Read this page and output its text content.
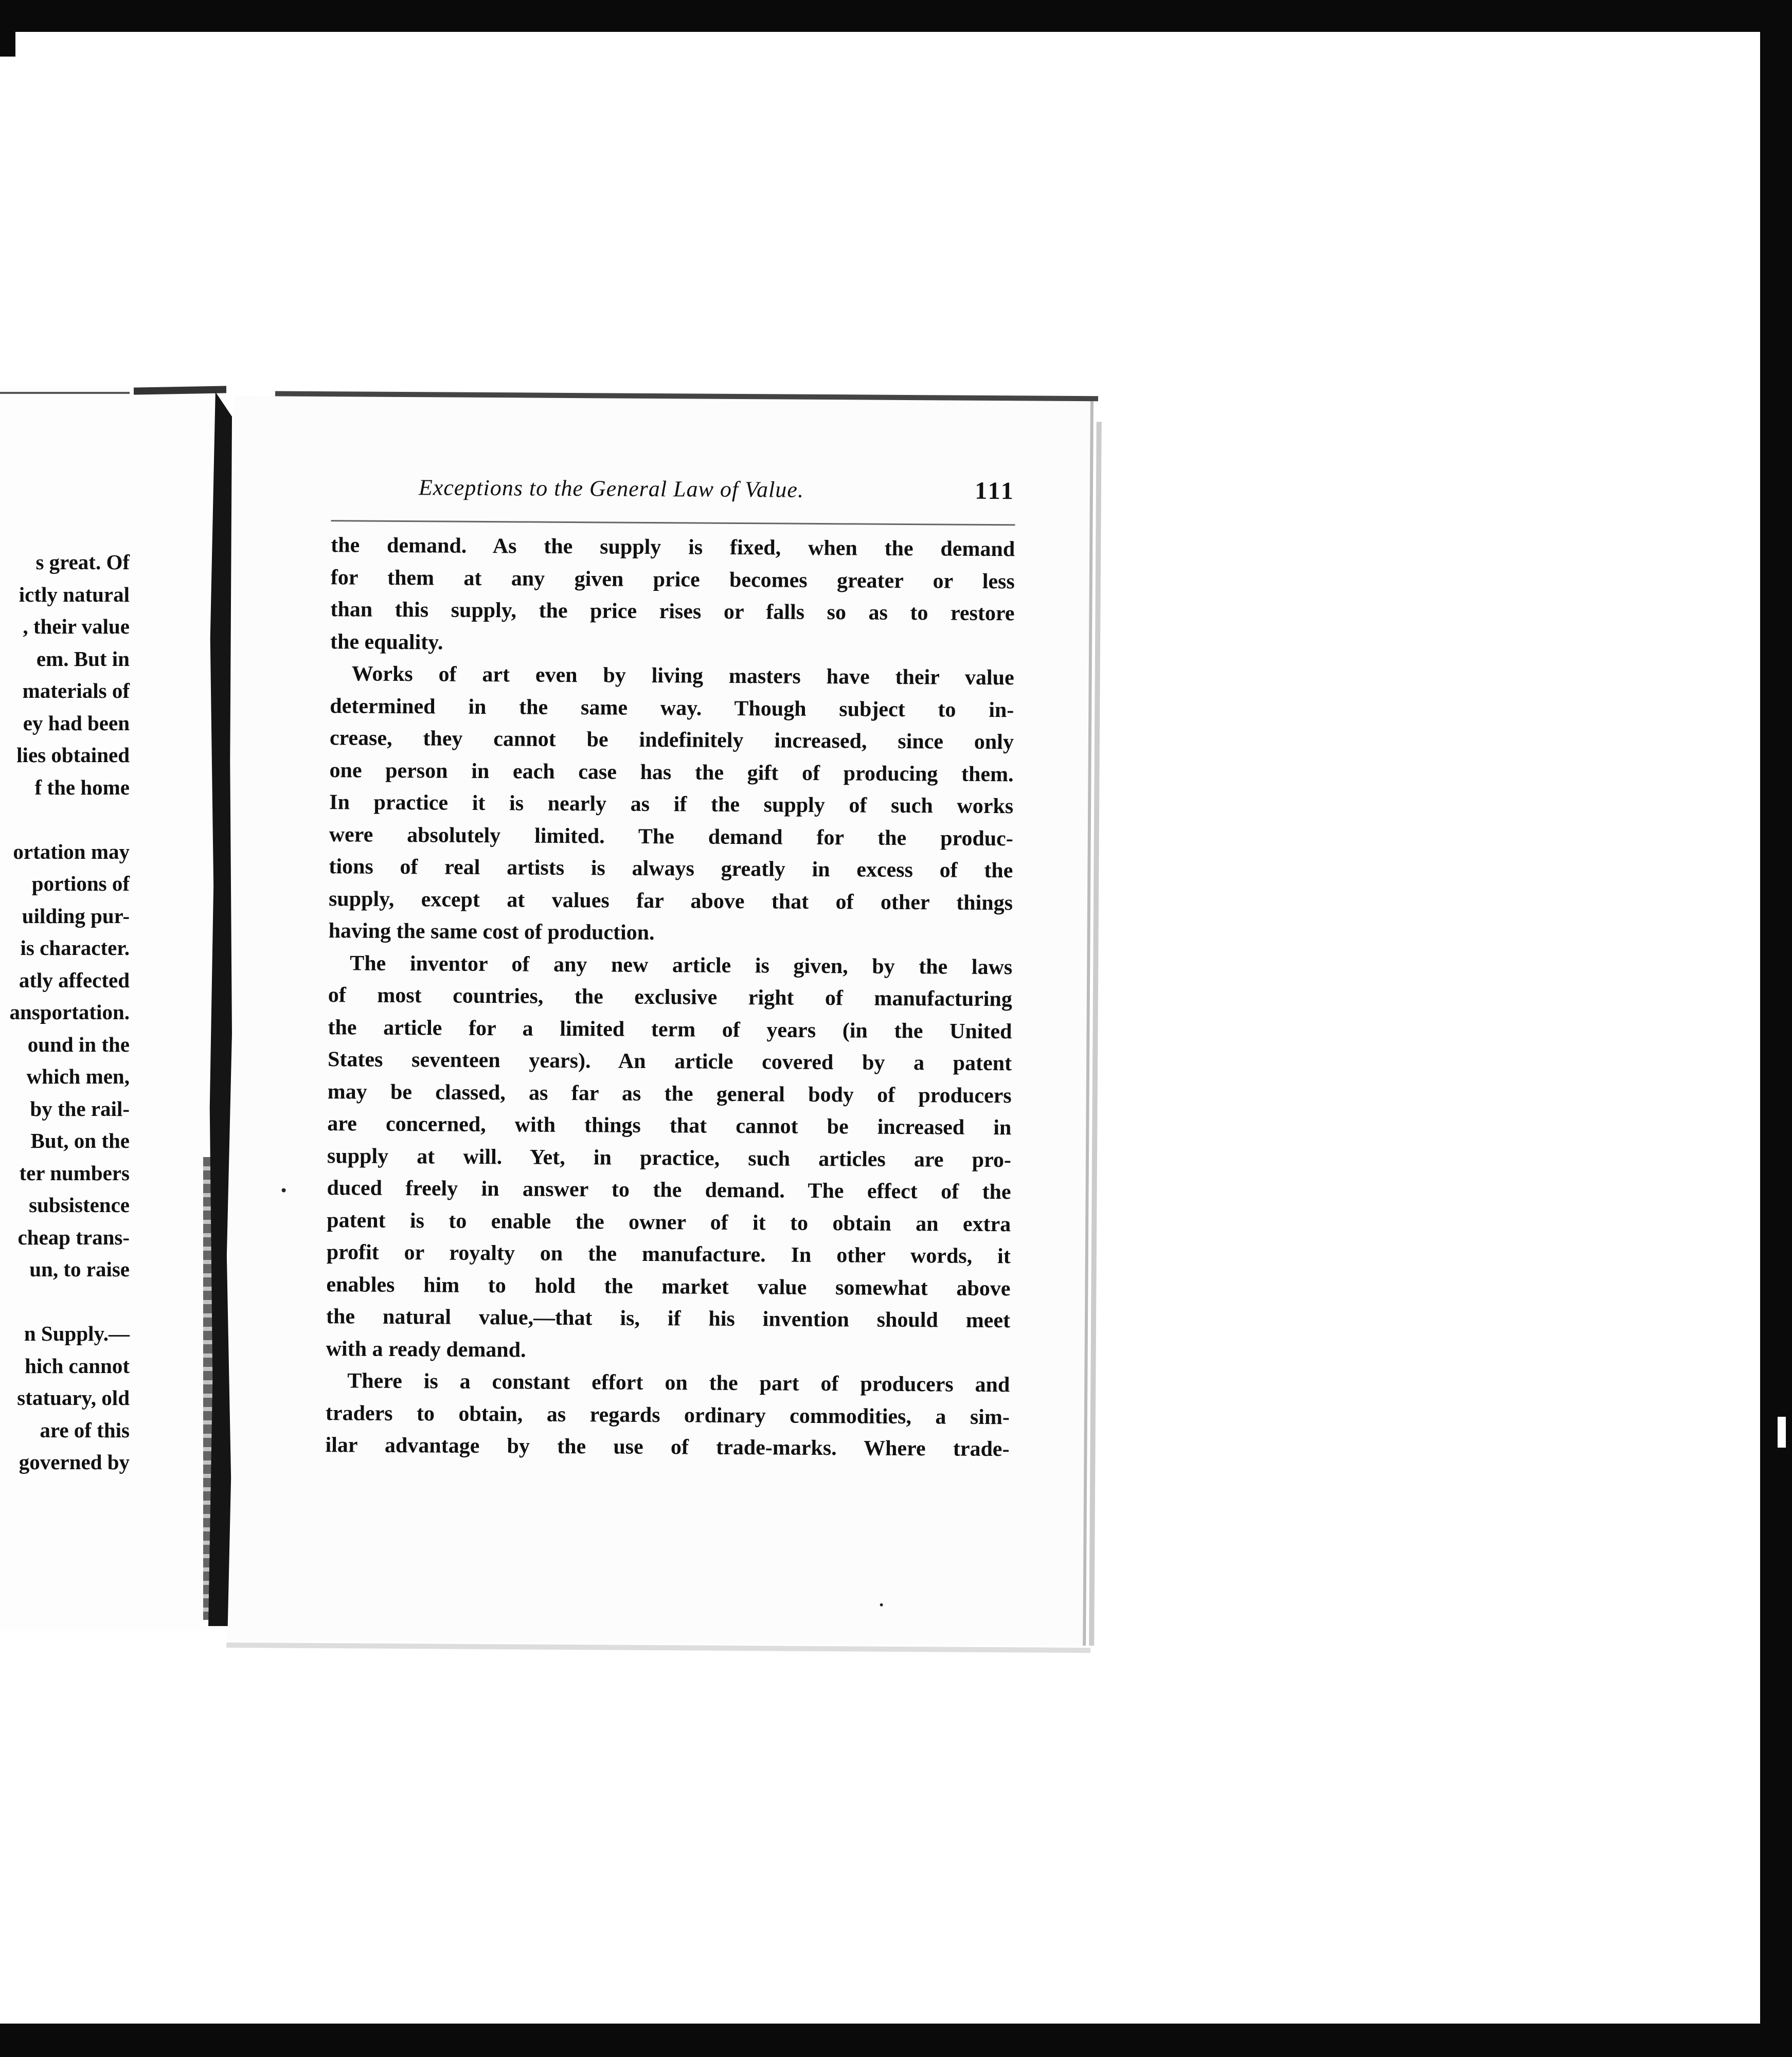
s great. Of
ictly natural
, their value
em. But in
materials of
ey had been
lies obtained
f the home
ortation may
portions of
uilding pur-
is character.
atly affected
ansportation.
ound in the
which men,
by the rail-
But, on the
ter numbers
subsistence
cheap trans-
un, to raise
n Supply.—
hich cannot
statuary, old
are of this
governed by
Exceptions to the General Law of Value.	111
the demand. As the supply is fixed, when the demand
for them at any given price becomes greater or less
than this supply, the price rises or falls so as to restore
the equality.
Works of art even by living masters have their value
determined in the same way. Though subject to in-
crease, they cannot be indefinitely increased, since only
one person in each case has the gift of producing them.
In practice it is nearly as if the supply of such works
were absolutely limited. The demand for the produc-
tions of real artists is always greatly in excess of the
supply, except at values far above that of other things
having the same cost of production.
The inventor of any new article is given, by the laws
of most countries, the exclusive right of manufacturing
the article for a limited term of years (in the United
States seventeen years). An article covered by a patent
may be classed, as far as the general body of producers
are concerned, with things that cannot be increased in
supply at will. Yet, in practice, such articles are pro-
duced freely in answer to the demand. The effect of the
patent is to enable the owner of it to obtain an extra
profit or royalty on the manufacture. In other words, it
enables him to hold the market value somewhat above
the natural value,—that is, if his invention should meet
with a ready demand.
There is a constant effort on the part of producers and
traders to obtain, as regards ordinary commodities, a sim-
ilar advantage by the use of trade-marks. Where trade-
